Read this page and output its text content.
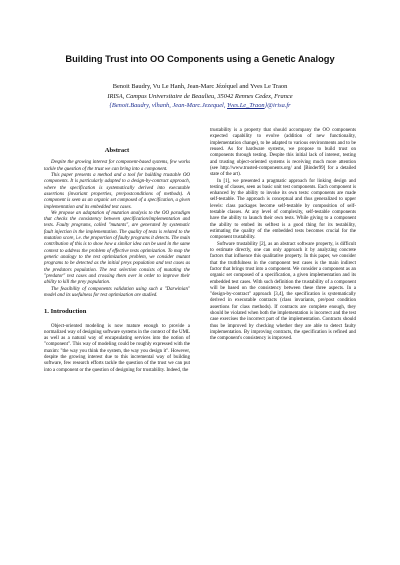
Building Trust into OO Components using a Genetic Analogy
Benoit Baudry, Vu Le Hanh, Jean-Marc Jézéquel and Yves Le Traon
IRISA, Campus Universitaire de Beaulieu, 35042 Rennes Cedex, France
{Benoit.Baudry, vlhanh, Jean-Marc.Jezequel, Yves.Le_Traon}@irisa.fr
Abstract

Despite the growing interest for component-based systems, few works tackle the question of the trust we can bring into a component.

This paper presents a method and a tool for building trustable OO components. It is particularly adapted to a design-by-contract approach, where the specification is systematically derived into executable assertions (invariant properties, pre/postconditions of methods). A component is seen as an organic set composed of a specification, a given implementation and its embedded test cases.

We propose an adaptation of mutation analysis to the OO paradigm that checks the consistency between specification/implementation and tests. Faulty programs, called "mutants", are generated by systematic fault injection in the implementation. The quality of tests is related to the mutation score, i.e. the proportion of faulty programs it detects. The main contribution of this is to show how a similar idea can be used in the same context to address the problem of effective tests optimization. To map the genetic analogy to the test optimization problem, we consider mutant programs to be detected as the initial preys population and test cases as the predators population. The test selection consists of mutating the "predator" test cases and crossing them over in order to improve their ability to kill the prey population.

The feasibility of components validation using such a "Darwinian" model and its usefulness for test optimization are studied.

1. Introduction

Object-oriented modeling is now mature enough to provide a normalized way of designing software systems in the context of the UML as well as a natural way of encapsulating services into the notion of "component". This way of modeling could be roughly expressed with the maxim: "the way you think the system, the way you design it". However, despite the growing interest due to this incremental way of building software, few research efforts tackle the question of the trust we can put into a component or the question of designing for trustability. Indeed, the

trustability is a property that should accompany the OO components expected capability to evolve (addition of new functionality, implementation change), to be adapted to various environments and to be reused. As for hardware systems, we propose to build trust on components through testing. Despite this initial lack of interest, testing and trusting object-oriented systems is receiving much more attention (see http://www.trusted-components.org/ and [Binder99] for a detailed state of the art).

In [1], we presented a pragmatic approach for linking design and testing of classes, seen as basic unit test components. Each component is enhanced by the ability to invoke its own tests: components are made self-testable. The approach is conceptual and thus generalized to upper levels: class packages become self-testable by composition of self-testable classes. At any level of complexity, self-testable components have the ability to launch their own tests. While giving to a component the ability to embed its selftest is a good thing for its testability, estimating the quality of the embedded tests becomes crucial for the component trustability.

Software trustability [2], as an abstract software property, is difficult to estimate directly, one can only approach it by analyzing concrete factors that influence this qualitative property. In this paper, we consider that the truthfulness in the component test cases is the main indirect factor that brings trust into a component. We consider a component as an organic set composed of a specification, a given implementation and its embedded test cases. With such definition the trustability of a component will be based on the consistency between these three aspects. In a "design-by-contract" approach [3,4], the specification is systematically derived in executable contracts (class invariants, pre/post condition assertions for class methods). If contracts are complete enough, they should be violated when both the implementation is incorrect and the test case exercises the incorrect part of the implementation. Contracts should thus be improved by checking whether they are able to detect faulty implementation. By improving contracts, the specification is refined and the component's consistency is improved.
